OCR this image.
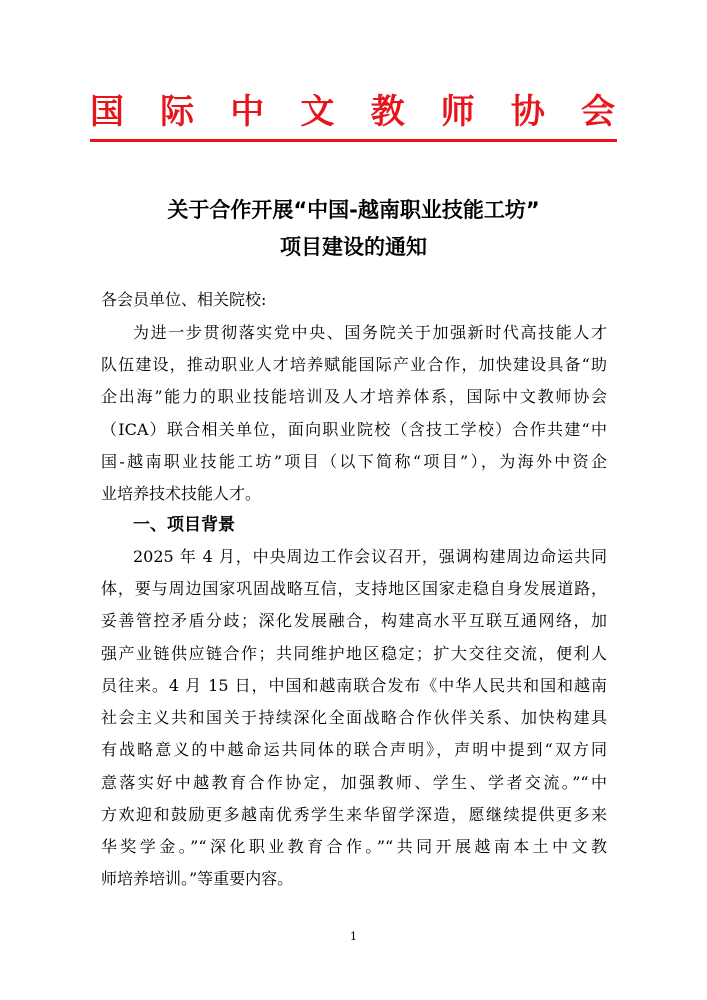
国 际 中 文 教 师 协 会
关于合作开展“中国-越南职业技能工坊”
项目建设的通知
各会员单位、相关院校:
为进一步贯彻落实党中央、国务院关于加强新时代高技能人才
队伍建设，推动职业人才培养赋能国际产业合作，加快建设具备“助
企出海”能力的职业技能培训及人才培养体系，国际中文教师协会
（ICA）联合相关单位，面向职业院校（含技工学校）合作共建“中
国-越南职业技能工坊”项目（以下简称“项目”），为海外中资企
业培养技术技能人才。
一、项目背景
2025 年 4 月，中央周边工作会议召开，强调构建周边命运共同
体，要与周边国家巩固战略互信，支持地区国家走稳自身发展道路，
妥善管控矛盾分歧；深化发展融合，构建高水平互联互通网络，加
强产业链供应链合作；共同维护地区稳定；扩大交往交流，便利人
员往来。4 月 15 日，中国和越南联合发布《中华人民共和国和越南
社会主义共和国关于持续深化全面战略合作伙伴关系、加快构建具
有战略意义的中越命运共同体的联合声明》，声明中提到“双方同
意落实好中越教育合作协定，加强教师、学生、学者交流。”“中
方欢迎和鼓励更多越南优秀学生来华留学深造，愿继续提供更多来
华奖学金。”“深化职业教育合作。”“共同开展越南本土中文教
师培养培训。”等重要内容。
1
